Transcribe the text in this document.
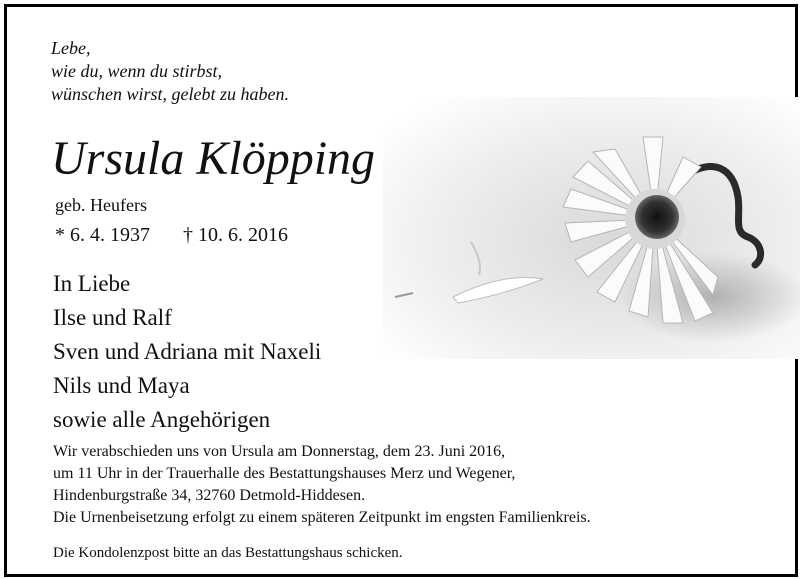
Lebe,
wie du, wenn du stirbst,
wünschen wirst, gelebt zu haben.
Ursula Klöpping
geb. Heufers
* 6. 4. 1937 † 10. 6. 2016
In Liebe
Ilse und Ralf
Sven und Adriana mit Naxeli
Nils und Maya
sowie alle Angehörigen
Wir verabschieden uns von Ursula am Donnerstag, dem 23. Juni 2016,
um 11 Uhr in der Trauerhalle des Bestattungshauses Merz und Wegener,
Hindenburgstraße 34, 32760 Detmold-Hiddesen.
Die Urnenbeisetzung erfolgt zu einem späteren Zeitpunkt im engsten Familienkreis.
Die Kondolenzpost bitte an das Bestattungshaus schicken.
